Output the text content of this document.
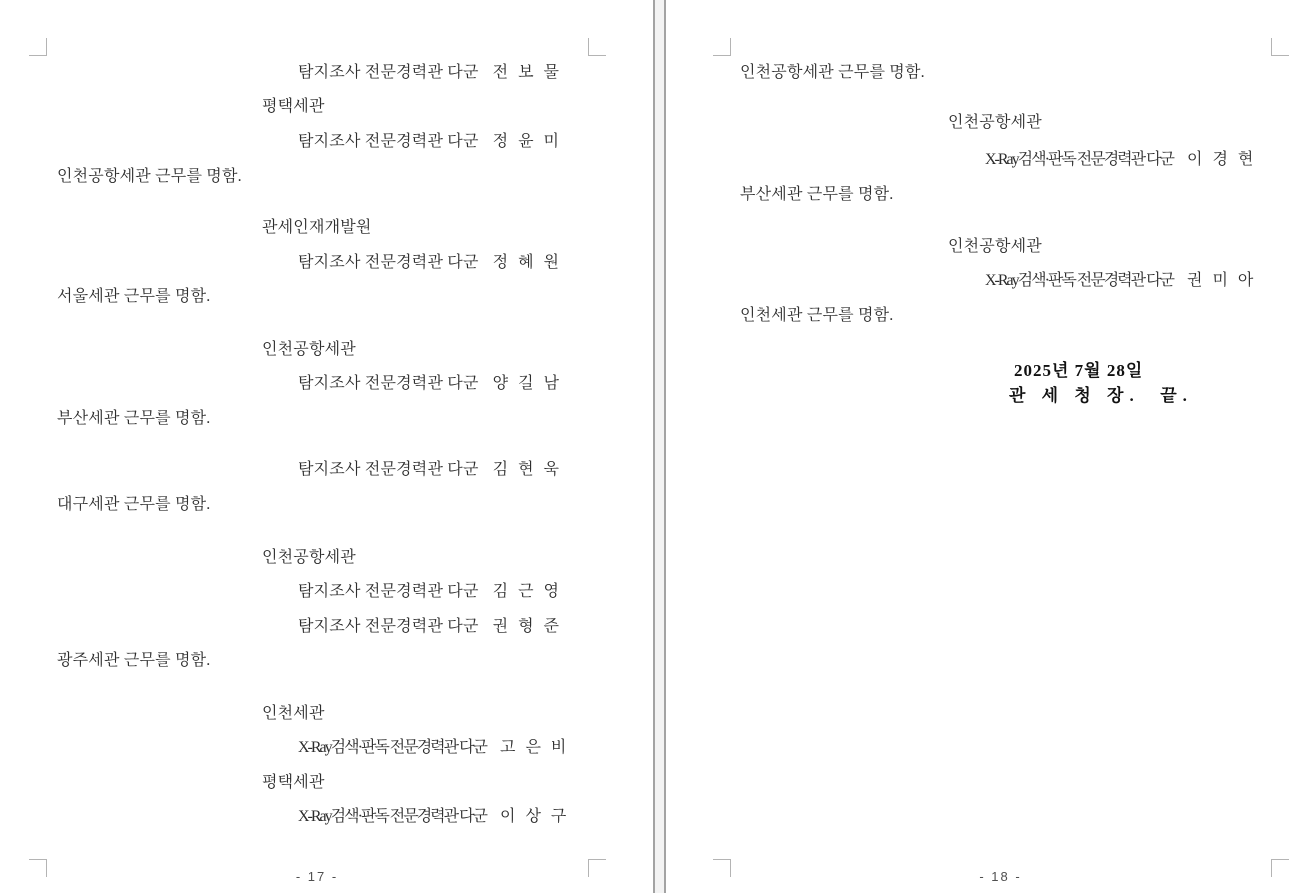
탐지조사 전문경력관 다군 전 보 물
평택세관
탐지조사 전문경력관 다군 정 윤 미
인천공항세관 근무를 명함.
관세인재개발원
탐지조사 전문경력관 다군 정 혜 원
서울세관 근무를 명함.
인천공항세관
탐지조사 전문경력관 다군 양 길 남
부산세관 근무를 명함.
탐지조사 전문경력관 다군 김 현 욱
대구세관 근무를 명함.
인천공항세관
탐지조사 전문경력관 다군 김 근 영
탐지조사 전문경력관 다군 권 형 준
광주세관 근무를 명함.
인천세관
X-Ray검색·판독 전문경력관 다군 고 은 비
평택세관
X-Ray검색·판독 전문경력관 다군 이 상 구
- 17 -
인천공항세관 근무를 명함.
인천공항세관
X-Ray검색·판독 전문경력관 다군 이 경 현
부산세관 근무를 명함.
인천공항세관
X-Ray검색·판독 전문경력관 다군 권 미 아
인천세관 근무를 명함.
2025년 7월 28일
관 세 청 장.  끝.
- 18 -
